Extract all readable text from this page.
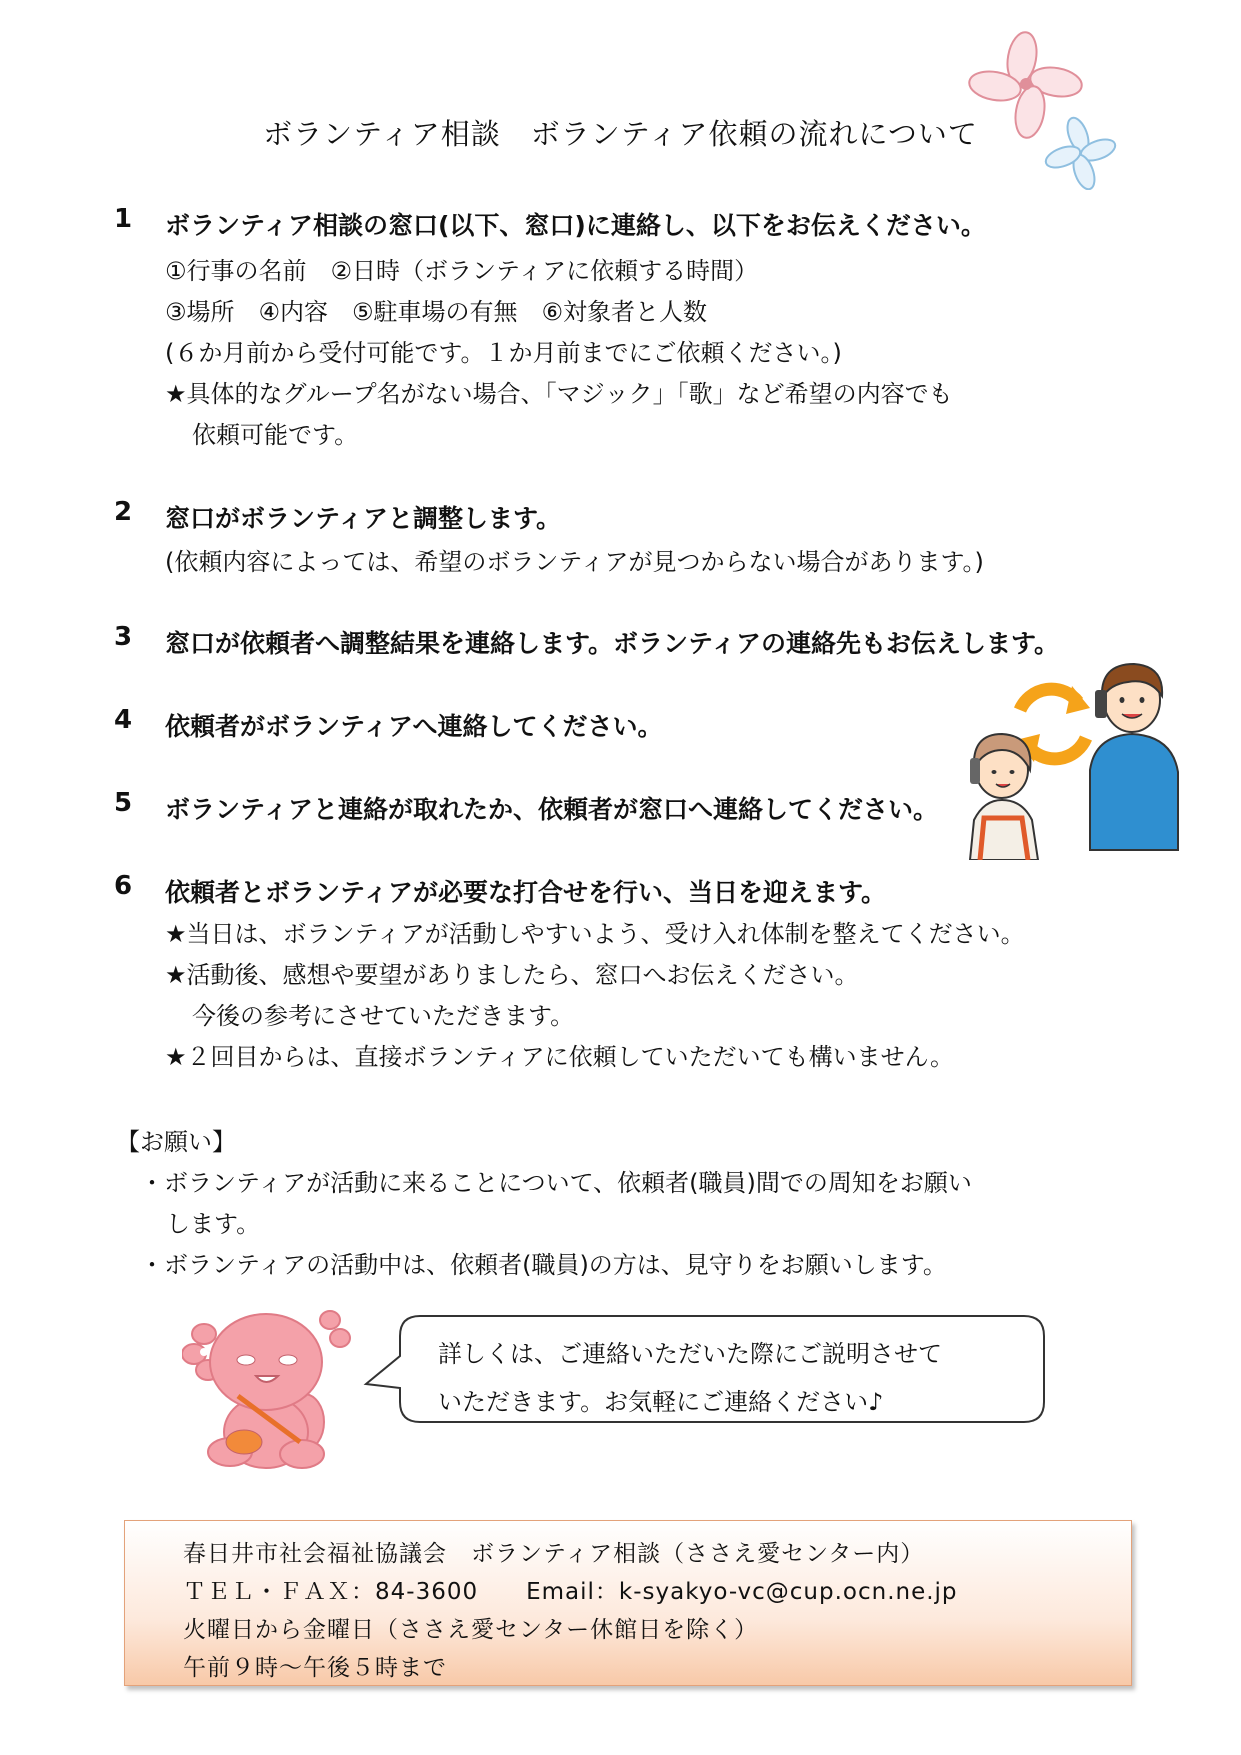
ボランティア相談　ボランティア依頼の流れについて
1 ボランティア相談の窓口(以下、窓口)に連絡し、以下をお伝えください。
①行事の名前　②日時（ボランティアに依頼する時間）
③場所　④内容　⑤駐車場の有無　⑥対象者と人数
(６か月前から受付可能です。１か月前までにご依頼ください。)
★具体的なグループ名がない場合、「マジック」「歌」など希望の内容でも
依頼可能です。
2 窓口がボランティアと調整します。
(依頼内容によっては、希望のボランティアが見つからない場合があります。)
3 窓口が依頼者へ調整結果を連絡します。ボランティアの連絡先もお伝えします。
4 依頼者がボランティアへ連絡してください。
5 ボランティアと連絡が取れたか、依頼者が窓口へ連絡してください。
6 依頼者とボランティアが必要な打合せを行い、当日を迎えます。
★当日は、ボランティアが活動しやすいよう、受け入れ体制を整えてください。
★活動後、感想や要望がありましたら、窓口へお伝えください。
今後の参考にさせていただきます。
★２回目からは、直接ボランティアに依頼していただいても構いません。
【お願い】
・ボランティアが活動に来ることについて、依頼者(職員)間での周知をお願い
します。
・ボランティアの活動中は、依頼者(職員)の方は、見守りをお願いします。
詳しくは、ご連絡いただいた際にご説明させて
いただきます。お気軽にご連絡ください♪
春日井市社会福祉協議会　ボランティア相談（ささえ愛センター内）
ＴＥＬ・ＦＡＸ：84-3600　　Email：k-syakyo-vc@cup.ocn.ne.jp
火曜日から金曜日（ささえ愛センター休館日を除く）
午前９時～午後５時まで
